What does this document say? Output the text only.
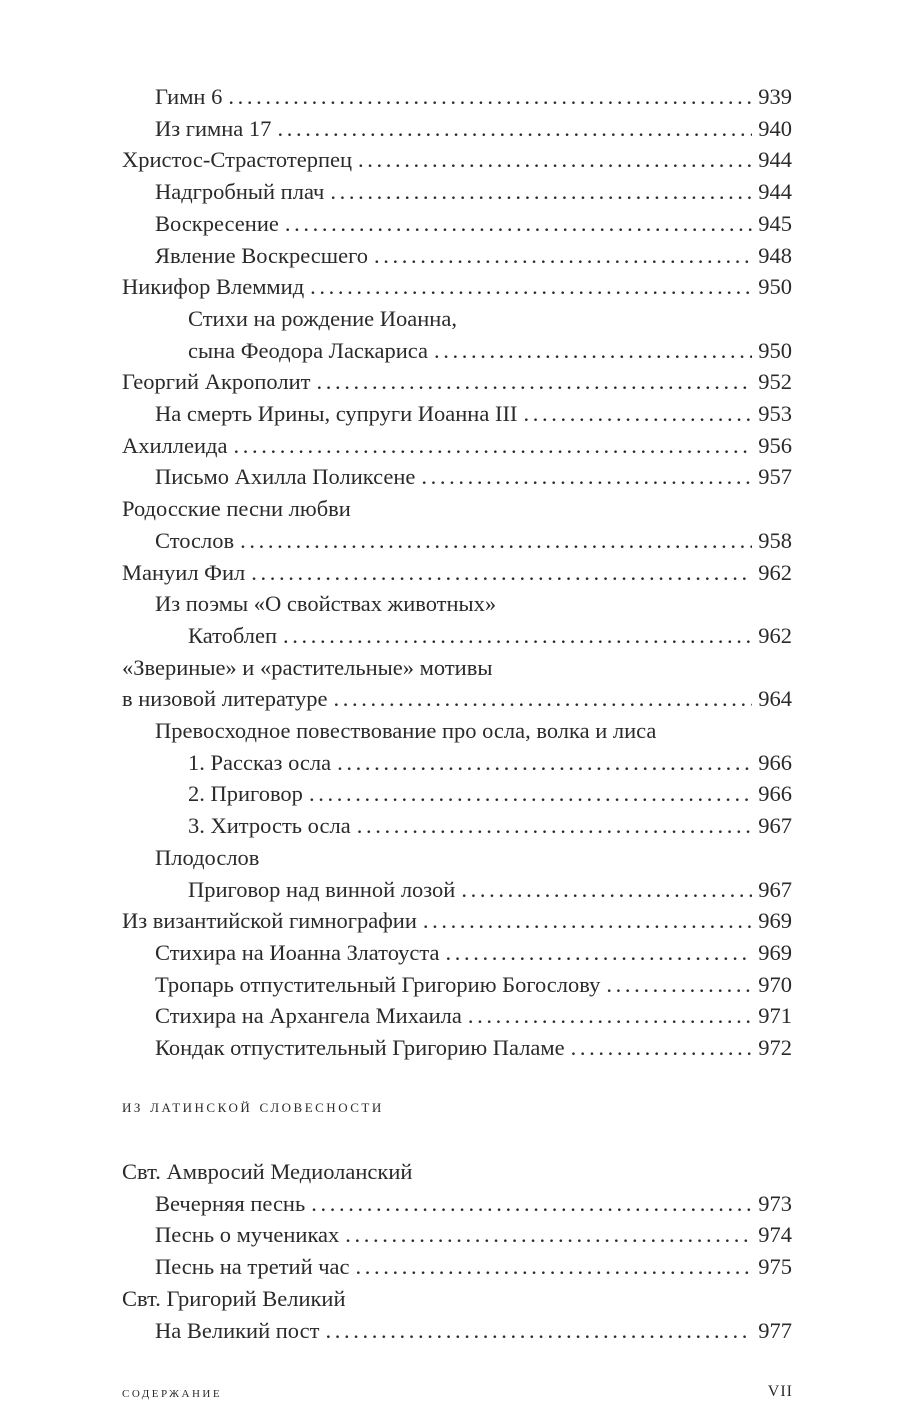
Гимн 6 . . .	939
Из гимна 17 . . .	940
Христос-Страстотерпец . . .	944
Надгробный плач . . .	944
Воскресение . . .	945
Явление Воскресшего . . .	948
Никифор Влеммид . . .	950
Стихи на рождение Иоанна,
сына Феодора Ласкариса . . .	950
Георгий Акрополит . . .	952
На смерть Ирины, супруги Иоанна III . . .	953
Ахиллеида . . .	956
Письмо Ахилла Поликсене . . .	957
Родосские песни любви
Стослов . . .	958
Мануил Фил . . .	962
Из поэмы «О свойствах животных»
Катоблеп . . .	962
«Звериные» и «растительные» мотивы
в низовой литературе . . .	964
Превосходное повествование про осла, волка и лиса
1. Рассказ осла . . .	966
2. Приговор . . .	966
3. Хитрость осла . . .	967
Плодослов
Приговор над винной лозой . . .	967
Из византийской гимнографии . . .	969
Стихира на Иоанна Златоуста . . .	969
Тропарь отпустительный Григорию Богослову . . .	970
Стихира на Архангела Михаила . . .	971
Кондак отпустительный Григорию Паламе . . .	972
из латинской словесности
Свт. Амвросий Медиоланский
Вечерняя песнь . . .	973
Песнь о мучениках . . .	974
Песнь на третий час . . .	975
Свт. Григорий Великий
На Великий пост . . .	977
содержание	VII
